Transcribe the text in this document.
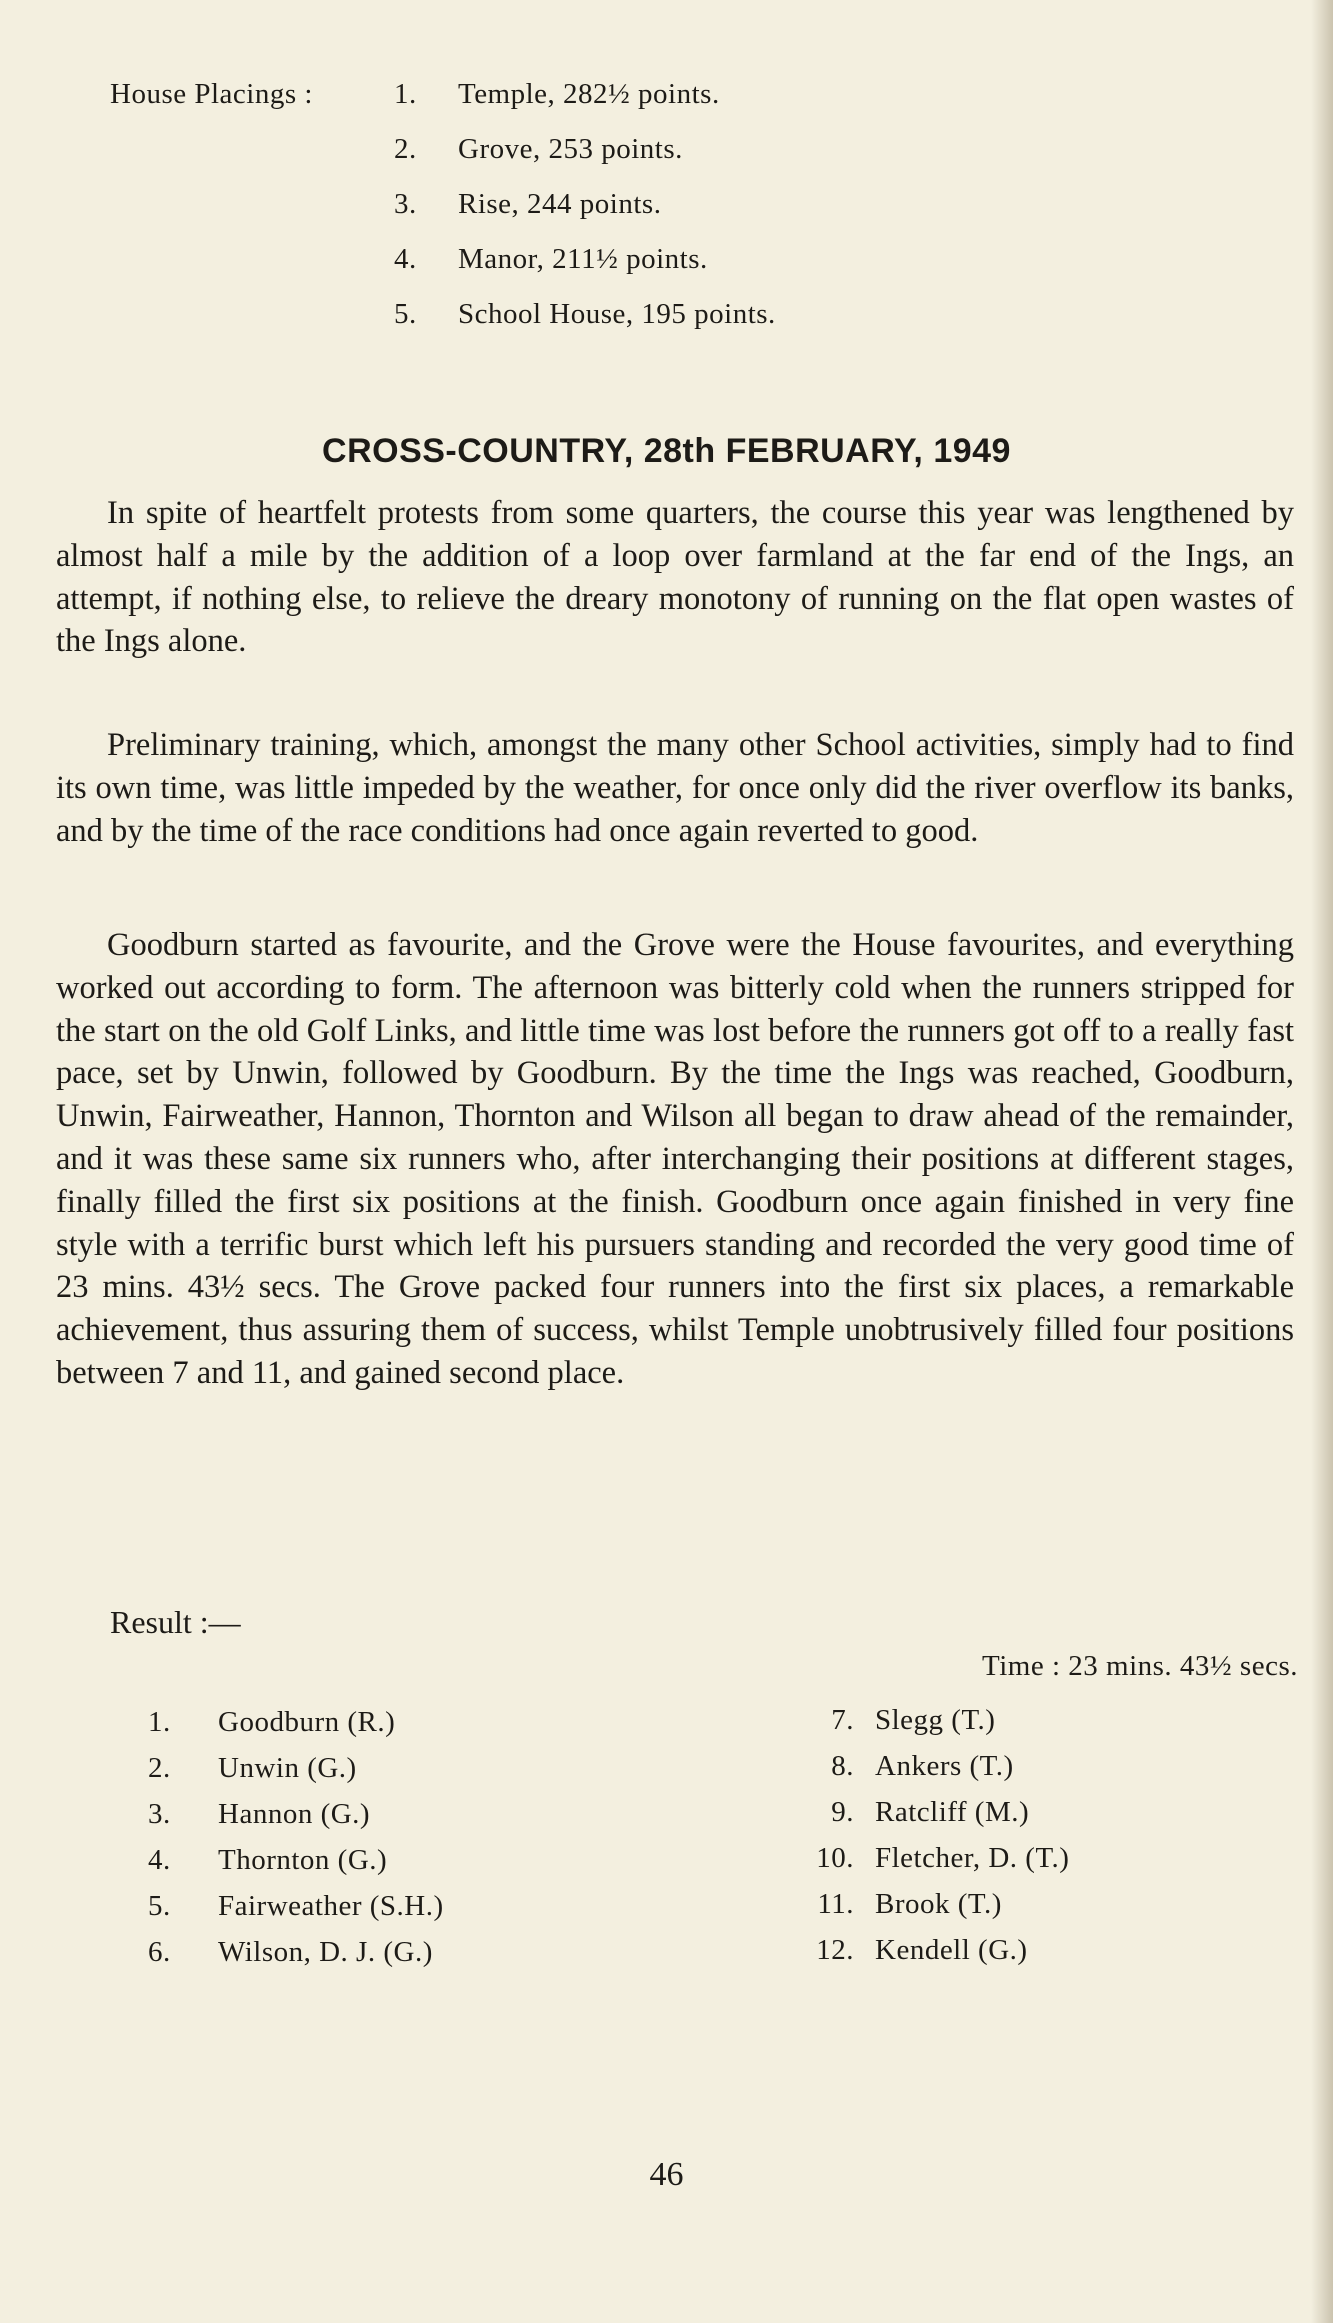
House Placings :	1. Temple, 282½ points.
2. Grove, 253 points.
3. Rise, 244 points.
4. Manor, 211½ points.
5. School House, 195 points.
CROSS-COUNTRY, 28th FEBRUARY, 1949

In spite of heartfelt protests from some quarters, the course this year was lengthened by almost half a mile by the addition of a loop over farmland at the far end of the Ings, an attempt, if nothing else, to relieve the dreary monotony of running on the flat open wastes of the Ings alone.

Preliminary training, which, amongst the many other School activities, simply had to find its own time, was little impeded by the weather, for once only did the river overflow its banks, and by the time of the race conditions had once again reverted to good.

Goodburn started as favourite, and the Grove were the House favourites, and everything worked out according to form. The afternoon was bitterly cold when the runners stripped for the start on the old Golf Links, and little time was lost before the runners got off to a really fast pace, set by Unwin, followed by Goodburn. By the time the Ings was reached, Goodburn, Unwin, Fairweather, Hannon, Thornton and Wilson all began to draw ahead of the remainder, and it was these same six runners who, after interchanging their positions at different stages, finally filled the first six positions at the finish. Goodburn once again finished in very fine style with a terrific burst which left his pursuers standing and recorded the very good time of 23 mins. 43½ secs. The Grove packed four runners into the first six places, a remarkable achievement, thus assuring them of success, whilst Temple unobtrusively filled four positions between 7 and 11, and gained second place.

Result :—
Time : 23 mins. 43½ secs.
1. Goodburn (R.)
2. Unwin (G.)
3. Hannon (G.)
4. Thornton (G.)
5. Fairweather (S.H.)
6. Wilson, D. J. (G.)
7. Slegg (T.)
8. Ankers (T.)
9. Ratcliff (M.)
10. Fletcher, D. (T.)
11. Brook (T.)
12. Kendell (G.)
46
